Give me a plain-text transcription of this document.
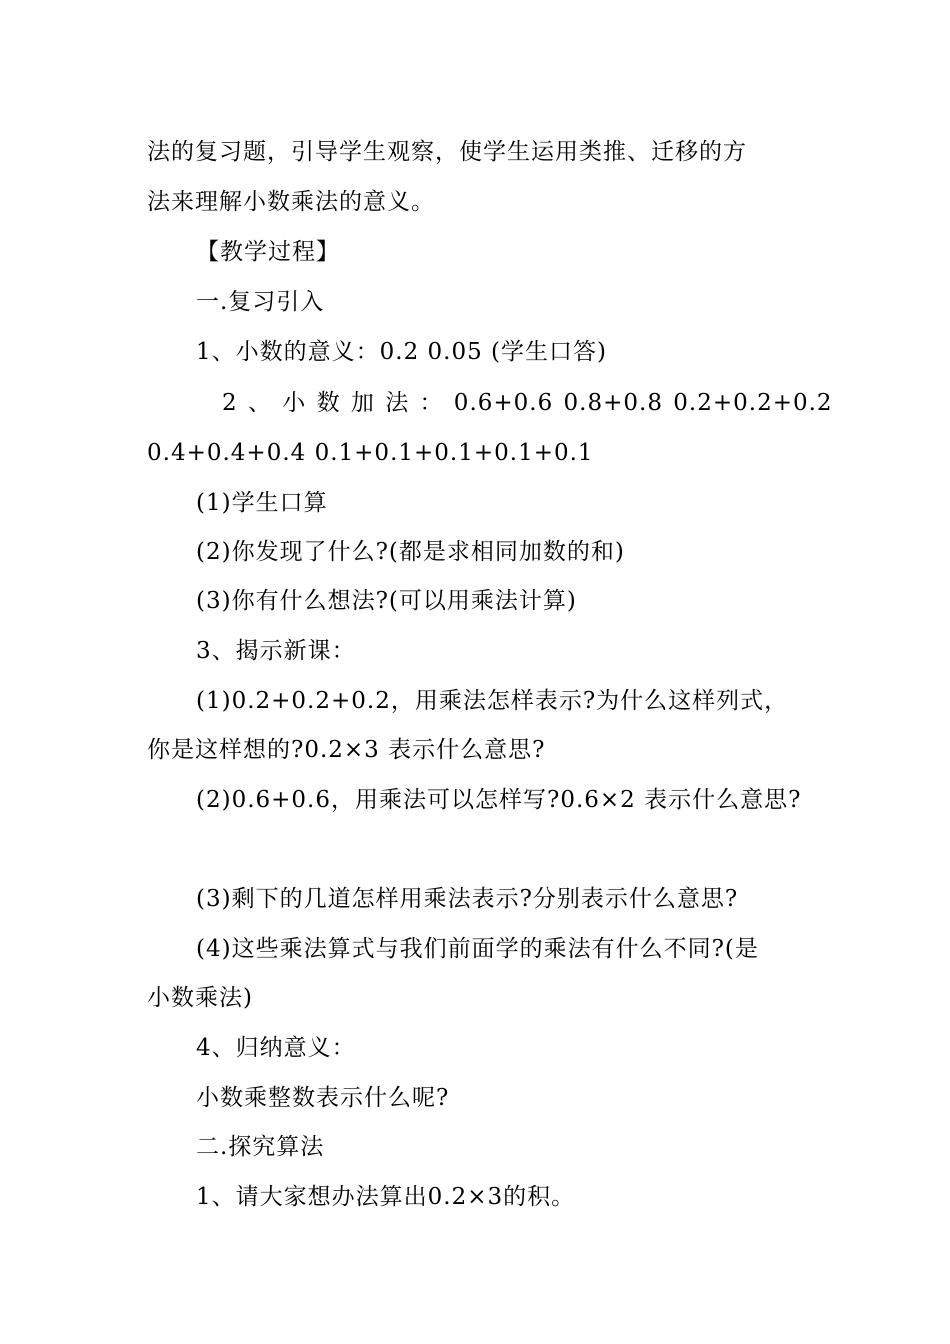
法的复习题，引导学生观察，使学生运用类推、迁移的方
法来理解小数乘法的意义。
【教学过程】
一.复习引入
1、小数的意义：0.2 0.05 (学生口答)
2 、 小 数 加 法 ： 0.6+0.6 0.8+0.8 0.2+0.2+0.2
0.4+0.4+0.4 0.1+0.1+0.1+0.1+0.1
(1)学生口算
(2)你发现了什么?(都是求相同加数的和)
(3)你有什么想法?(可以用乘法计算)
3、揭示新课：
(1)0.2+0.2+0.2，用乘法怎样表示?为什么这样列式，
你是这样想的?0.2×3 表示什么意思?
(2)0.6+0.6，用乘法可以怎样写?0.6×2 表示什么意思?
(3)剩下的几道怎样用乘法表示?分别表示什么意思?
(4)这些乘法算式与我们前面学的乘法有什么不同?(是
小数乘法)
4、归纳意义：
小数乘整数表示什么呢?
二.探究算法
1、请大家想办法算出0.2×3的积。
